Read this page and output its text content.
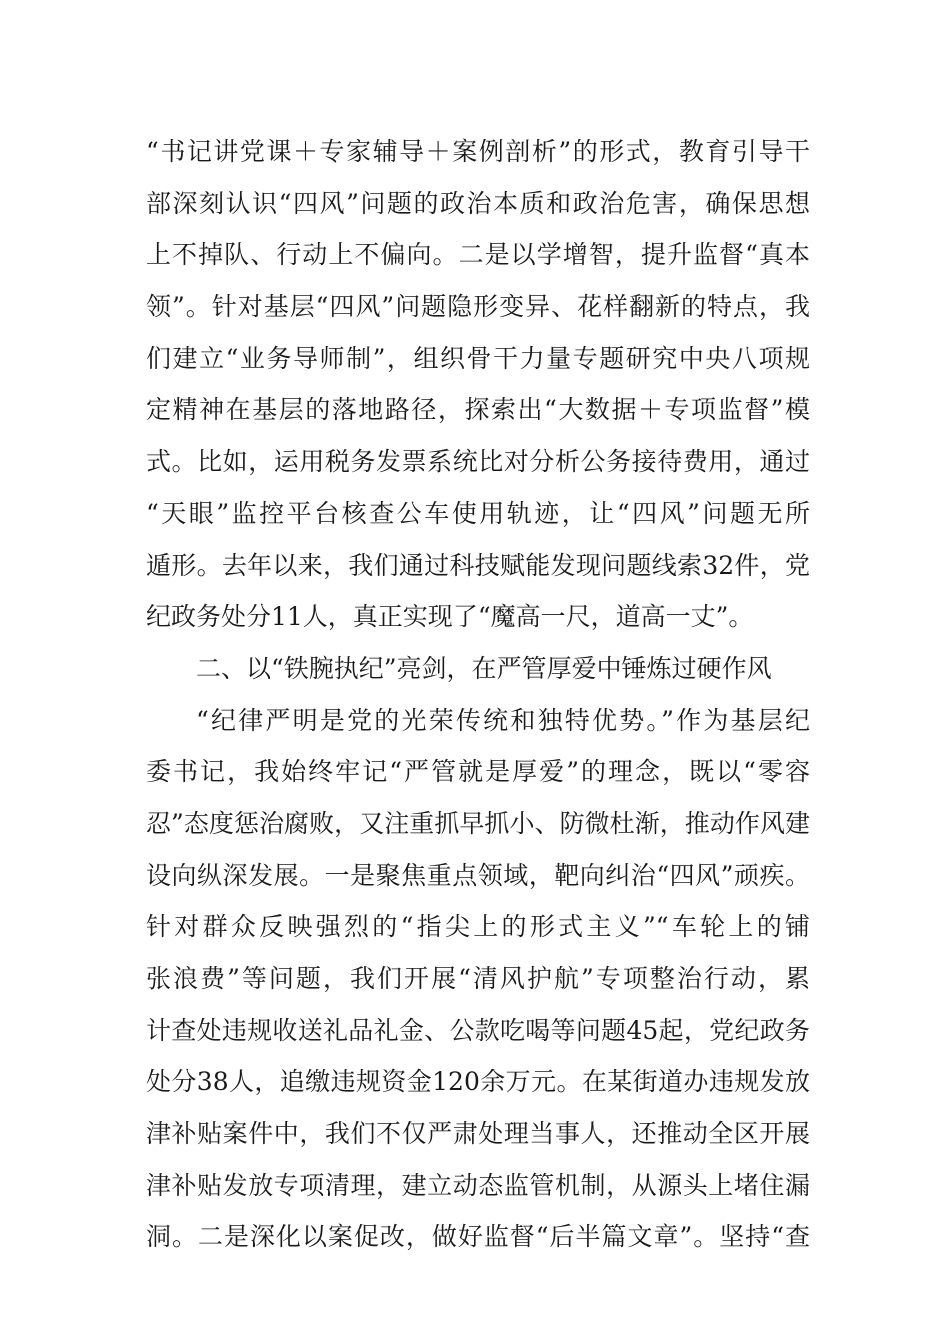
“书记讲党课＋专家辅导＋案例剖析”的形式，教育引导干
部深刻认识“四风”问题的政治本质和政治危害，确保思想
上不掉队、行动上不偏向。二是以学增智，提升监督“真本
领”。针对基层“四风”问题隐形变异、花样翻新的特点，我
们建立“业务导师制”，组织骨干力量专题研究中央八项规
定精神在基层的落地路径，探索出“大数据＋专项监督”模
式。比如，运用税务发票系统比对分析公务接待费用，通过
“天眼”监控平台核查公车使用轨迹，让“四风”问题无所
遁形。去年以来，我们通过科技赋能发现问题线索32件，党
纪政务处分11人，真正实现了“魔高一尺，道高一丈”。
二、以“铁腕执纪”亮剑，在严管厚爱中锤炼过硬作风
“纪律严明是党的光荣传统和独特优势。”作为基层纪
委书记，我始终牢记“严管就是厚爱”的理念，既以“零容
忍”态度惩治腐败，又注重抓早抓小、防微杜渐，推动作风建
设向纵深发展。一是聚焦重点领域，靶向纠治“四风”顽疾。
针对群众反映强烈的“指尖上的形式主义”“车轮上的铺
张浪费”等问题，我们开展“清风护航”专项整治行动，累
计查处违规收送礼品礼金、公款吃喝等问题45起，党纪政务
处分38人，追缴违规资金120余万元。在某街道办违规发放
津补贴案件中，我们不仅严肃处理当事人，还推动全区开展
津补贴发放专项清理，建立动态监管机制，从源头上堵住漏
洞。二是深化以案促改，做好监督“后半篇文章”。坚持“查
